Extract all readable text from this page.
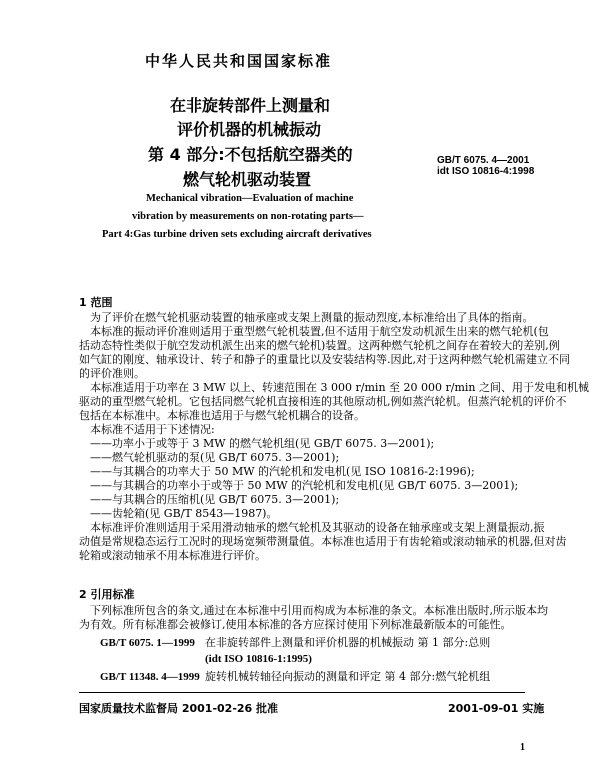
中华人民共和国国家标准
在非旋转部件上测量和
评价机器的机械振动
第 4 部分:不包括航空器类的
燃气轮机驱动装置
GB/T 6075. 4—2001
idt ISO 10816-4:1998
Mechanical vibration—Evaluation of machine
vibration by measurements on non-rotating parts—
Part 4:Gas turbine driven sets excluding aircraft derivatives
1 范围
为了评价在燃气轮机驱动装置的轴承座或支架上测量的振动烈度,本标准给出了具体的指南。
本标准的振动评价准则适用于重型燃气轮机装置,但不适用于航空发动机派生出来的燃气轮机(包
括动态特性类似于航空发动机派生出来的燃气轮机)装置。这两种燃气轮机之间存在着较大的差别,例
如气缸的刚度、轴承设计、转子和静子的重量比以及安装结构等.因此,对于这两种燃气轮机需建立不同
的评价准则。
本标准适用于功率在 3 MW 以上、转速范围在 3 000 r/min 至 20 000 r/min 之间、用于发电和机械
驱动的重型燃气轮机。它包括同燃气轮机直接相连的其他原动机,例如蒸汽轮机。但蒸汽轮机的评价不
包括在本标准中。本标准也适用于与燃气轮机耦合的设备。
本标准不适用于下述情况:
——功率小于或等于 3 MW 的燃气轮机组(见 GB/T 6075. 3—2001);
——燃气轮机驱动的泵(见 GB/T 6075. 3—2001);
——与其耦合的功率大于 50 MW 的汽轮机和发电机(见 ISO 10816-2:1996);
——与其耦合的功率小于或等于 50 MW 的汽轮机和发电机(见 GB/T 6075. 3—2001);
——与其耦合的压缩机(见 GB/T 6075. 3—2001);
——齿轮箱(见 GB/T 8543—1987)。
本标准评价准则适用于采用滑动轴承的燃气轮机及其驱动的设备在轴承座或支架上测量振动,振
动值是常规稳态运行工况时的现场宽频带测量值。本标准也适用于有齿轮箱或滚动轴承的机器,但对齿
轮箱或滚动轴承不用本标准进行评价。
2 引用标准
下列标准所包含的条文,通过在本标准中引用而构成为本标准的条文。本标准出版时,所示版本均
为有效。所有标准都会被修订,使用本标准的各方应探讨使用下列标准最新版本的可能性。
GB/T 6075. 1—1999 在非旋转部件上测量和评价机器的机械振动 第 1 部分:总则
(idt ISO 10816-1:1995)
GB/T 11348. 4—1999 旋转机械转轴径向振动的测量和评定 第 4 部分:燃气轮机组
国家质量技术监督局 2001-02-26 批准	2001-09-01 实施
1
